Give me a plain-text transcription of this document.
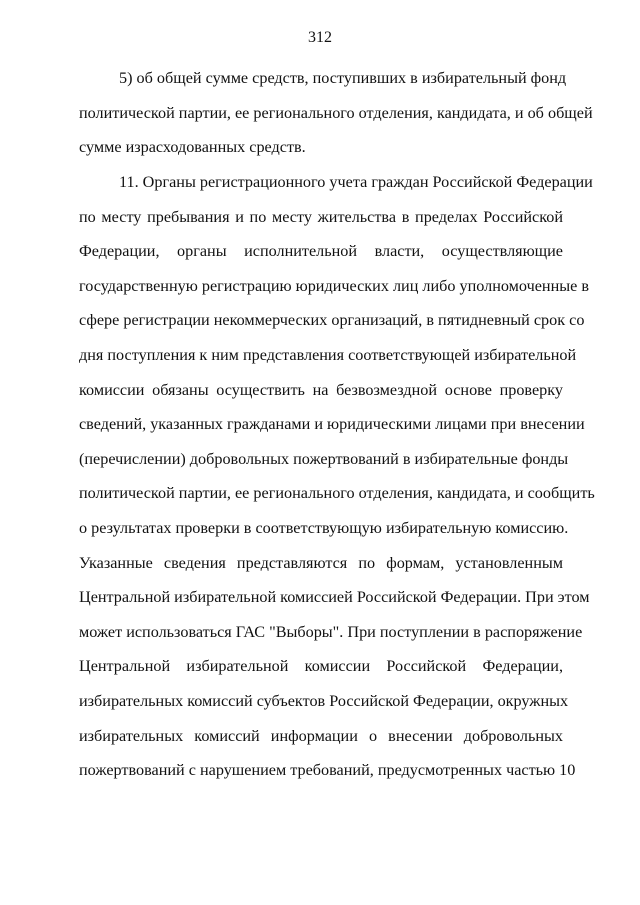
312
5) об общей сумме средств, поступивших в избирательный фонд
политической партии, ее регионального отделения, кандидата, и об общей
сумме израсходованных средств.
11. Органы регистрационного учета граждан Российской Федерации
по месту пребывания и по месту жительства в пределах Российской
Федерации, органы исполнительной власти, осуществляющие
государственную регистрацию юридических лиц либо уполномоченные в
сфере регистрации некоммерческих организаций, в пятидневный срок со
дня поступления к ним представления соответствующей избирательной
комиссии обязаны осуществить на безвозмездной основе проверку
сведений, указанных гражданами и юридическими лицами при внесении
(перечислении) добровольных пожертвований в избирательные фонды
политической партии, ее регионального отделения, кандидата, и сообщить
о результатах проверки в соответствующую избирательную комиссию.
Указанные сведения представляются по формам, установленным
Центральной избирательной комиссией Российской Федерации. При этом
может использоваться ГАС "Выборы". При поступлении в распоряжение
Центральной избирательной комиссии Российской Федерации,
избирательных комиссий субъектов Российской Федерации, окружных
избирательных комиссий информации о внесении добровольных
пожертвований с нарушением требований, предусмотренных частью 10
